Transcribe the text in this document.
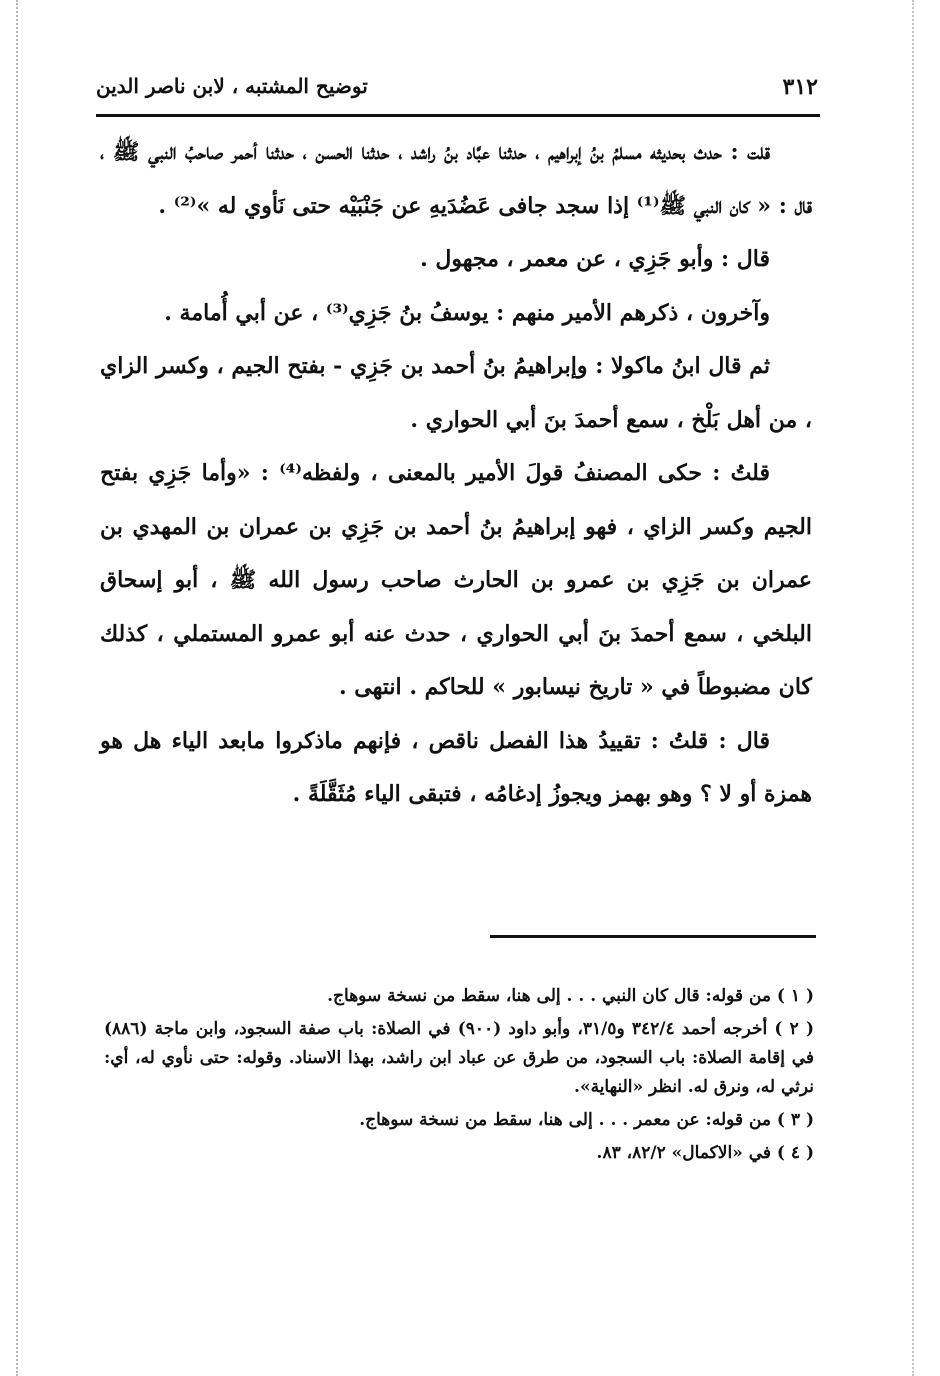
٣١٢
توضيح المشتبه ، لابن ناصر الدين

قلت : حدث بحديثه مسلمُ بنُ إبراهيم ، حدثنا عبَّاد بنُ راشد ، حدثنا الحسن ، حدثنا أحمر صاحبُ النبي ﷺ ، قال : « كان النبي ﷺ⁽¹⁾ إذا سجد جافى عَضُدَيهِ عن جَنْبَيْه حتى نَأوي له »⁽²⁾ .

قال : وأبو جَزِي ، عن معمر ، مجهول .

وآخرون ، ذكرهم الأمير منهم : يوسفُ بنُ جَزِي⁽³⁾ ، عن أبي أُمامة .

ثم قال ابنُ ماكولا : وإبراهيمُ بنُ أحمد بن جَزِي - بفتح الجيم ، وكسر الزاي ، من أهل بَلْخ ، سمع أحمدَ بنَ أبي الحواري .

قلتُ : حكى المصنفُ قولَ الأمير بالمعنى ، ولفظه⁽⁴⁾ : «وأما جَزِي بفتح الجيم وكسر الزاي ، فهو إبراهيمُ بنُ أحمد بن جَزِي بن عمران بن المهدي بن عمران بن جَزِي بن عمرو بن الحارث صاحب رسول الله ﷺ ، أبو إسحاق البلخي ، سمع أحمدَ بنَ أبي الحواري ، حدث عنه أبو عمرو المستملي ، كذلك كان مضبوطاً في « تاريخ نيسابور » للحاكم . انتهى .

قال : قلتُ : تقييدُ هذا الفصل ناقص ، فإنهم ماذكروا مابعد الياء هل هو همزة أو لا ؟ وهو بهمز ويجوزُ إدغامُه ، فتبقى الياء مُثَقَّلَةً .

( ١ ) من قوله: قال كان النبي . . . إلى هنا، سقط من نسخة سوهاج.

( ٢ ) أخرجه أحمد ٣٤٢/٤ و٣١/٥، وأبو داود (٩٠٠) في الصلاة: باب صفة السجود، وابن ماجة (٨٨٦) في إقامة الصلاة: باب السجود، من طرق عن عباد ابن راشد، بهذا الاسناد. وقوله: حتى نأوي له، أي: نرثي له، ونرق له. انظر «النهاية».

( ٣ ) من قوله: عن معمر . . . إلى هنا، سقط من نسخة سوهاج.

( ٤ ) في «الاكمال» ٨٢/٢، ٨٣.
